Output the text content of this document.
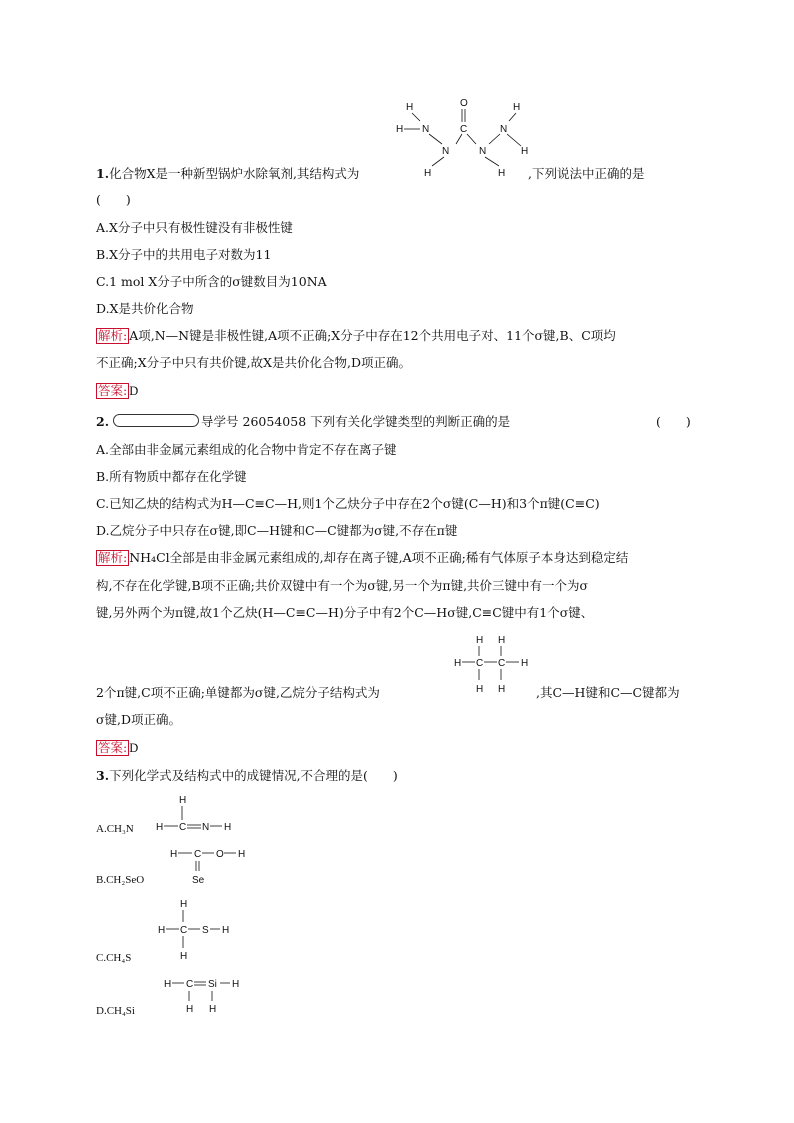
H	O	H
H N	C	N
N	N	H
H	H
1.化合物X是一种新型锅炉水除氧剂,其结构式为	,下列说法中正确的是
(　　)
A.X分子中只有极性键没有非极性键
B.X分子中的共用电子对数为11
C.1 mol X分子中所含的σ键数目为10NA
D.X是共价化合物
解析: A项,N—N键是非极性键,A项不正确;X分子中存在12个共用电子对、11个σ键,B、C项均
不正确;X分子中只有共价键,故X是共价化合物,D项正确。
答案: D
2.	导学号 26054058 下列有关化学键类型的判断正确的是	(　　)
A.全部由非金属元素组成的化合物中肯定不存在离子键
B.所有物质中都存在化学键
C.已知乙炔的结构式为H—C≡C—H,则1个乙炔分子中存在2个σ键(C—H)和3个π键(C≡C)
D.乙烷分子中只存在σ键,即C—H键和C—C键都为σ键,不存在π键
解析: NH₄Cl全部是由非金属元素组成的,却存在离子键,A项不正确;稀有气体原子本身达到稳定结
构,不存在化学键,B项不正确;共价双键中有一个为σ键,另一个为π键,共价三键中有一个为σ
键,另外两个为π键,故1个乙炔(H—C≡C—H)分子中有2个C—Hσ键,C≡C键中有1个σ键、
H H
H C C H
H H
2个π键,C项不正确;单键都为σ键,乙烷分子结构式为	,其C—H键和C—C键都为
σ键,D项正确。
答案: D
3.下列化学式及结构式中的成键情况,不合理的是(　　)
H
H C N H
A.CH₃N
H C O H
Se
B.CH₂SeO
H
H C S H
H
C.CH₄S
H C Si H
H H
D.CH₄Si
